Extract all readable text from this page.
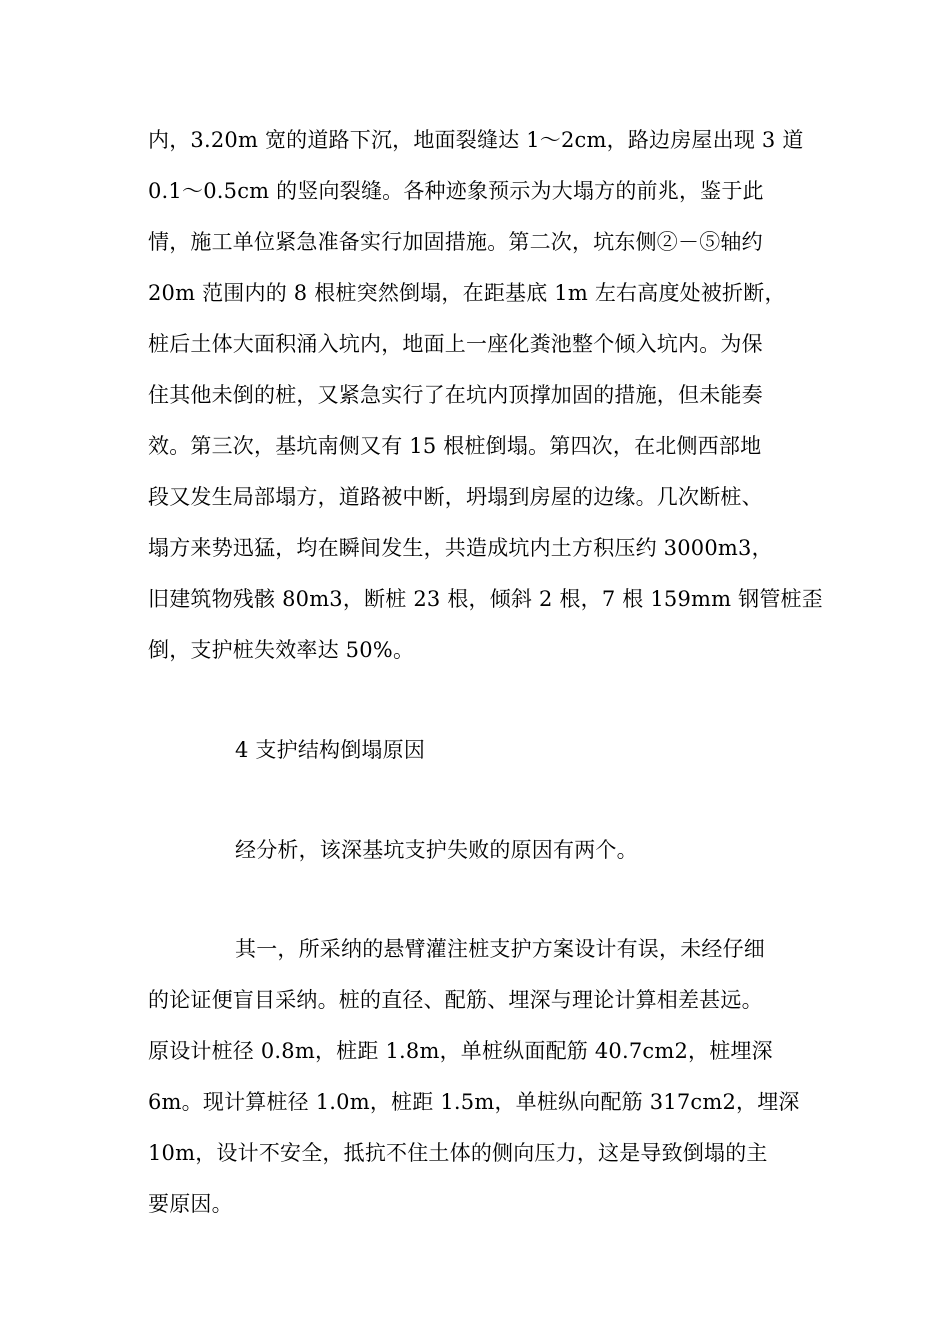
内，3.20m 宽的道路下沉，地面裂缝达 1～2cm，路边房屋出现 3 道
0.1～0.5cm 的竖向裂缝。各种迹象预示为大塌方的前兆，鉴于此
情，施工单位紧急准备实行加固措施。第二次，坑东侧②－⑤轴约
20m 范围内的 8 根桩突然倒塌，在距基底 1m 左右高度处被折断，
桩后土体大面积涌入坑内，地面上一座化粪池整个倾入坑内。为保
住其他未倒的桩，又紧急实行了在坑内顶撑加固的措施，但未能奏
效。第三次，基坑南侧又有 15 根桩倒塌。第四次，在北侧西部地
段又发生局部塌方，道路被中断，坍塌到房屋的边缘。几次断桩、
塌方来势迅猛，均在瞬间发生，共造成坑内土方积压约 3000m3，
旧建筑物残骸 80m3，断桩 23 根，倾斜 2 根，7 根 159mm 钢管桩歪
倒，支护桩失效率达 50%。
4 支护结构倒塌原因
经分析，该深基坑支护失败的原因有两个。
其一，所采纳的悬臂灌注桩支护方案设计有误，未经仔细
的论证便盲目采纳。桩的直径、配筋、埋深与理论计算相差甚远。
原设计桩径 0.8m，桩距 1.8m，单桩纵面配筋 40.7cm2，桩埋深
6m。现计算桩径 1.0m，桩距 1.5m，单桩纵向配筋 317cm2，埋深
10m，设计不安全，抵抗不住土体的侧向压力，这是导致倒塌的主
要原因。
